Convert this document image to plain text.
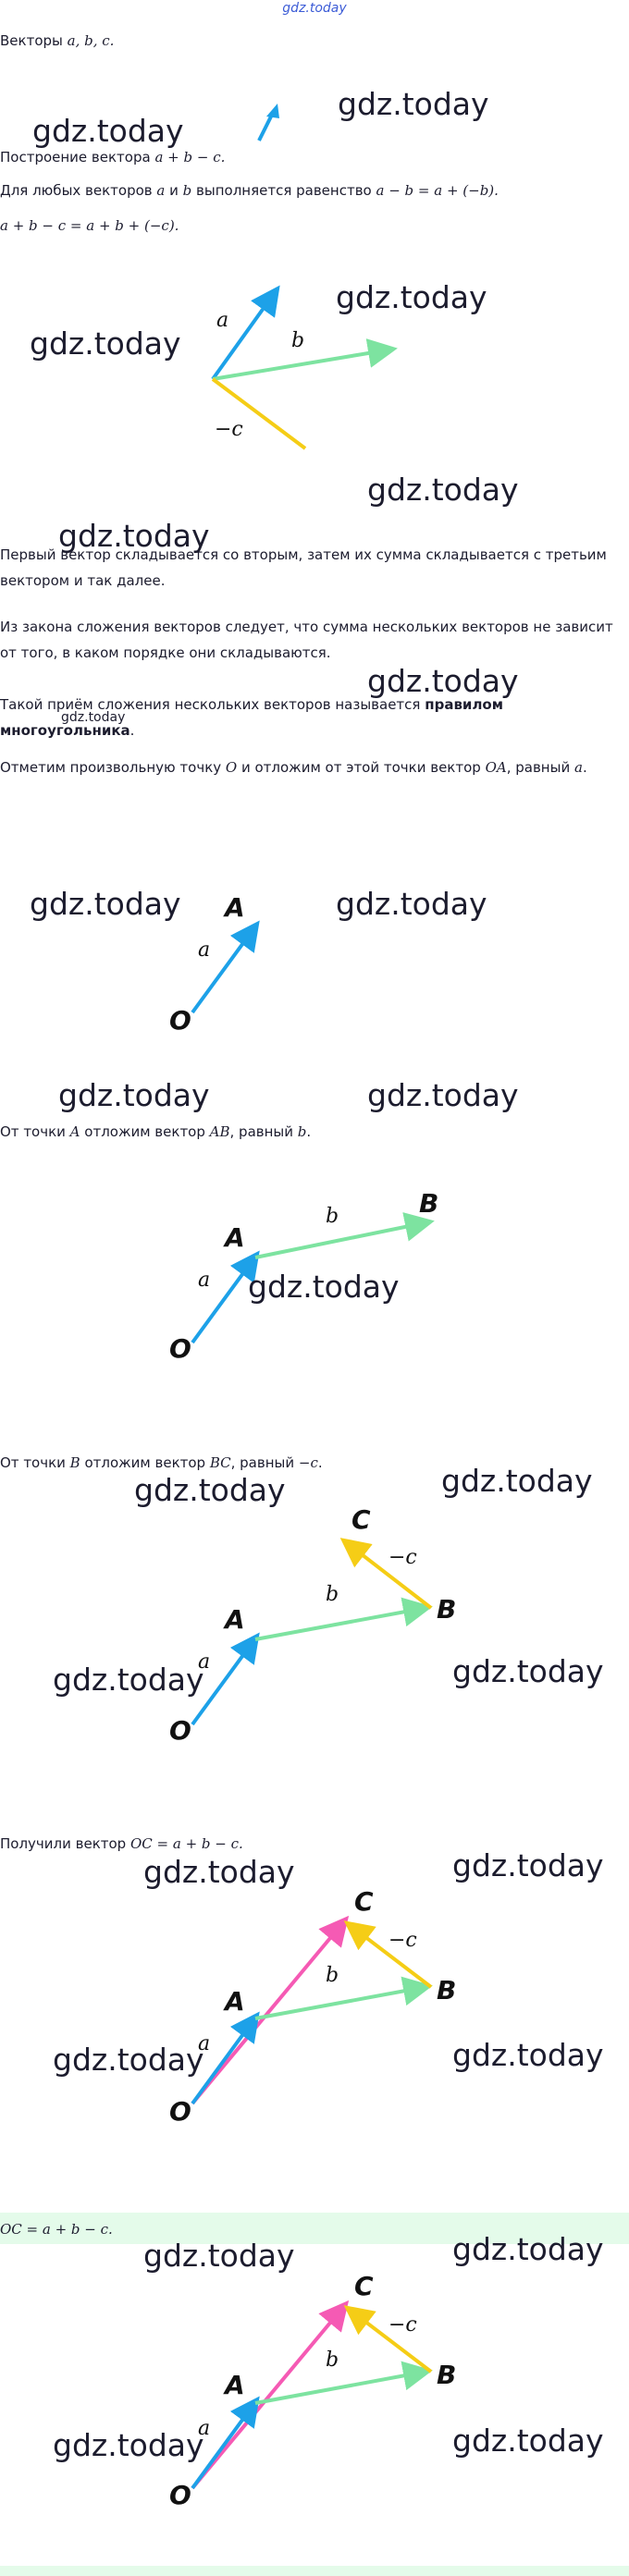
gdz.today
Векторы a, b, c.
gdz.today
gdz.today
Построение вектора a + b − c.
Для любых векторов a и b выполняется равенство a − b = a + (−b).
a + b − c = a + b + (−c).
a
b
−c
gdz.today
gdz.today
gdz.today
gdz.today
Первый вектор складывается со вторым, затем их сумма складывается с третьим вектором и так далее.
Из закона сложения векторов следует, что сумма нескольких векторов не зависит от того, в каком порядке они складываются.
gdz.today
Такой приём сложения нескольких векторов называется правилом многоугольника.
gdz.today
Отметим произвольную точку O и отложим от этой точки вектор OA, равный a.
O
A
a
gdz.today	gdz.today
gdz.today	gdz.today
От точки A отложим вектор AB, равный b.
O
A
B
a
b
gdz.today
От точки B отложим вектор BC, равный −c.
gdz.today	gdz.today
O
A	B
C
a
b
−c
gdz.today	gdz.today
Получили вектор OC = a + b − c.
gdz.today	gdz.today
O
A	B
C
a
b
−c
gdz.today	gdz.today
OC = a + b − c.
gdz.today	gdz.today
O
A	B
C
a
b
−c
gdz.today	gdz.today
